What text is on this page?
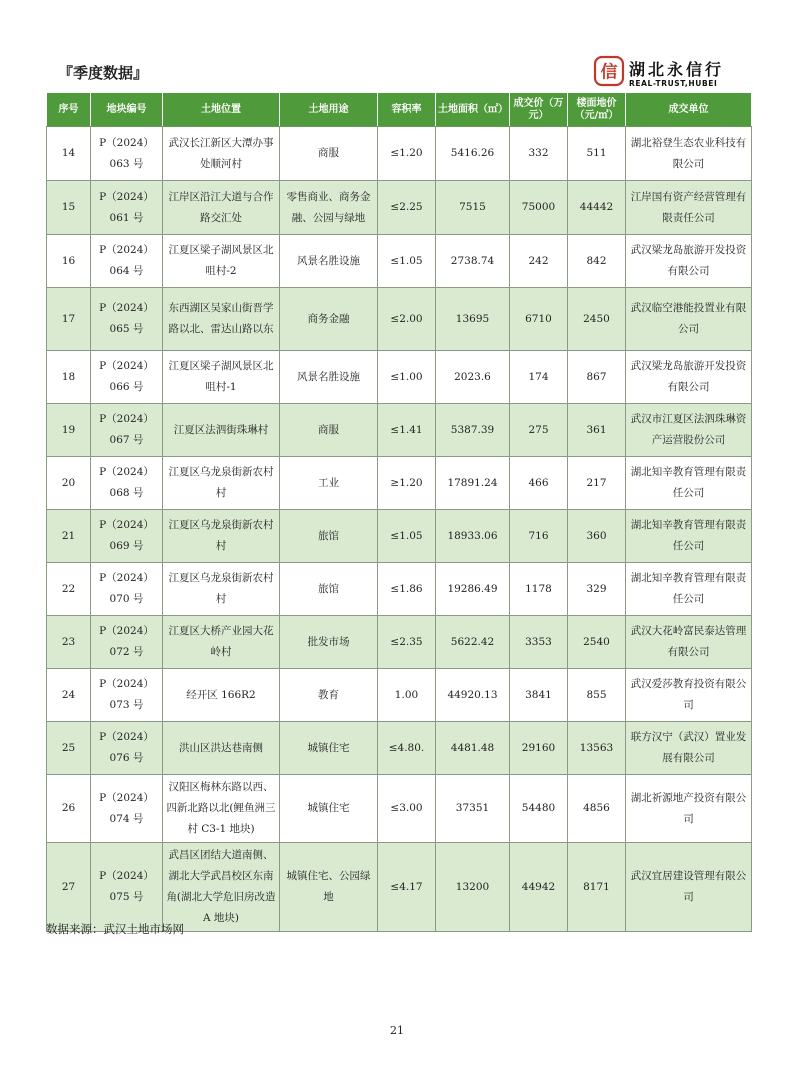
『季度数据』	信 湖北永信行
REAL-TRUST,HUBEI
序号	地块编号	土地位置	土地用途	容积率	土地面积（㎡）	成交价（万元）	楼面地价（元/㎡）	成交单位
14	P（2024）063 号	武汉长江新区大潭办事处顺河村	商服	≤1.20	5416.26	332	511	湖北裕登生态农业科技有限公司
15	P（2024）061 号	江岸区沿江大道与合作路交汇处	零售商业、商务金融、公园与绿地	≤2.25	7515	75000	44442	江岸国有资产经营管理有限责任公司
16	P（2024）064 号	江夏区梁子湖风景区北咀村-2	风景名胜设施	≤1.05	2738.74	242	842	武汉梁龙岛旅游开发投资有限公司
17	P（2024）065 号	东西湖区吴家山街晋学路以北、雷达山路以东	商务金融	≤2.00	13695	6710	2450	武汉临空港能投置业有限公司
18	P（2024）066 号	江夏区梁子湖风景区北咀村-1	风景名胜设施	≤1.00	2023.6	174	867	武汉梁龙岛旅游开发投资有限公司
19	P（2024）067 号	江夏区法泗街珠琳村	商服	≤1.41	5387.39	275	361	武汉市江夏区法泗珠琳资产运营股份公司
20	P（2024）068 号	江夏区乌龙泉街新农村村	工业	≥1.20	17891.24	466	217	湖北知辛教育管理有限责任公司
21	P（2024）069 号	江夏区乌龙泉街新农村村	旅馆	≤1.05	18933.06	716	360	湖北知辛教育管理有限责任公司
22	P（2024）070 号	江夏区乌龙泉街新农村村	旅馆	≤1.86	19286.49	1178	329	湖北知辛教育管理有限责任公司
23	P（2024）072 号	江夏区大桥产业园大花岭村	批发市场	≤2.35	5622.42	3353	2540	武汉大花岭富民泰达管理有限公司
24	P（2024）073 号	经开区 166R2	教育	1.00	44920.13	3841	855	武汉爱莎教育投资有限公司
25	P（2024）076 号	洪山区洪达巷南侧	城镇住宅	≤4.80.	4481.48	29160	13563	联方汉宁（武汉）置业发展有限公司
26	P（2024）074 号	汉阳区梅林东路以西、四新北路以北(鲤鱼洲三村 C3-1 地块)	城镇住宅	≤3.00	37351	54480	4856	湖北祈源地产投资有限公司
27	P（2024）075 号	武昌区团结大道南侧、湖北大学武昌校区东南角(湖北大学危旧房改造 A 地块)	城镇住宅、公园绿地	≤4.17	13200	44942	8171	武汉宜居建设管理有限公司
数据来源：武汉土地市场网
21
